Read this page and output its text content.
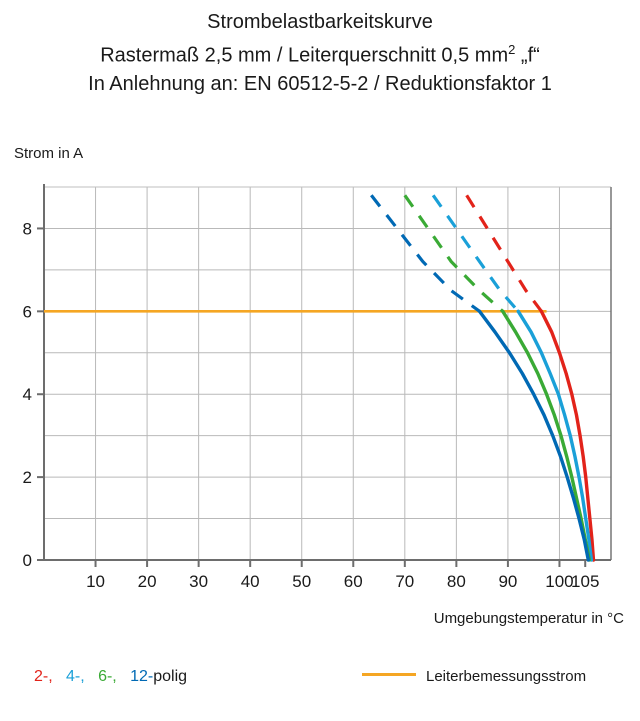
Strombelastbarkeitskurve
Rastermaß 2,5 mm / Leiterquerschnitt 0,5 $mm^2$ „f“
In Anlehnung an: EN 60512-5-2 / Reduktionsfaktor 1
Strom in A
Umgebungstemperatur in °C
0
2
4
6
8
10 20 30 40 50 60 70 80 90 100
105
2-, 4-, 6-, 12-polig	Leiterbemessungsstrom
